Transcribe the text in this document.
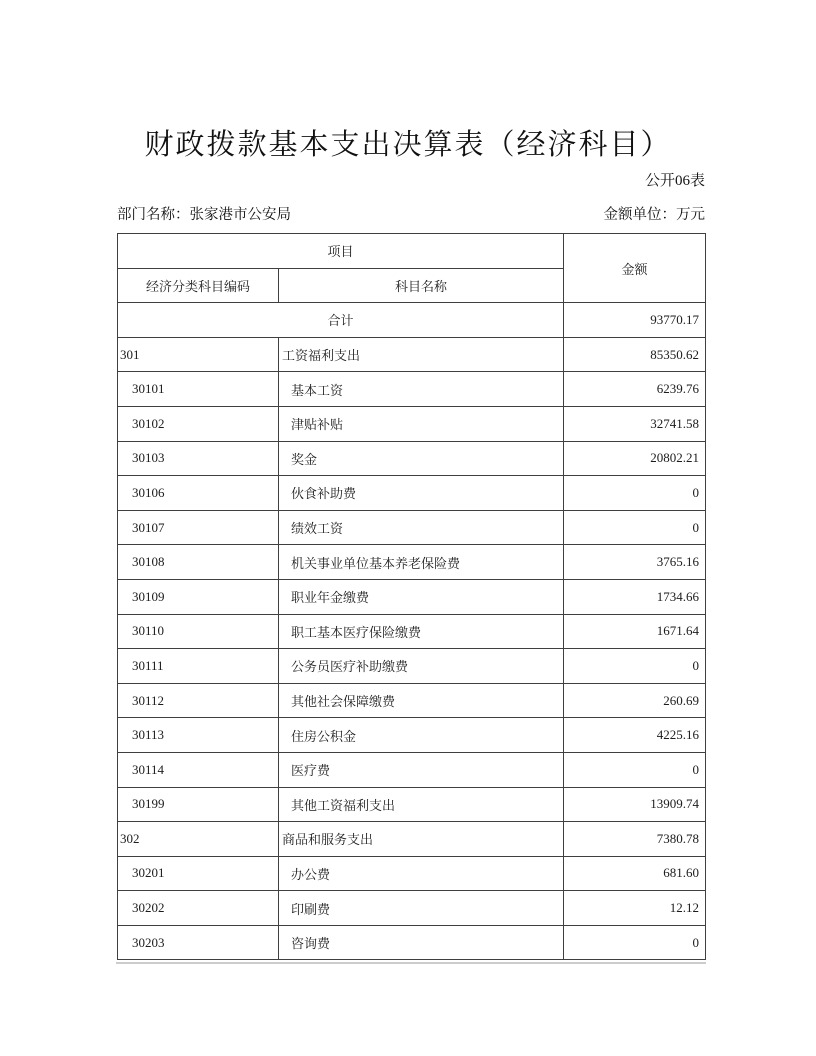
财政拨款基本支出决算表（经济科目）
公开06表
部门名称：张家港市公安局	金额单位：万元
项目		金额
经济分类科目编码	科目名称	
合计		93770.17
301	工资福利支出	85350.62
30101	基本工资	6239.76
30102	津贴补贴	32741.58
30103	奖金	20802.21
30106	伙食补助费	0
30107	绩效工资	0
30108	机关事业单位基本养老保险费	3765.16
30109	职业年金缴费	1734.66
30110	职工基本医疗保险缴费	1671.64
30111	公务员医疗补助缴费	0
30112	其他社会保障缴费	260.69
30113	住房公积金	4225.16
30114	医疗费	0
30199	其他工资福利支出	13909.74
302	商品和服务支出	7380.78
30201	办公费	681.60
30202	印刷费	12.12
30203	咨询费	0
